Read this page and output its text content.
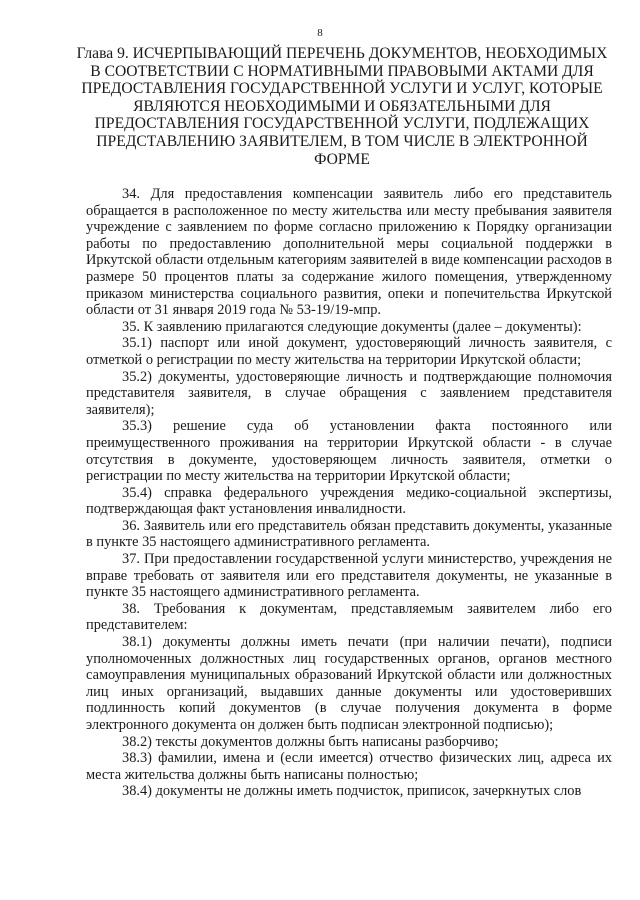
8
Глава 9. ИСЧЕРПЫВАЮЩИЙ ПЕРЕЧЕНЬ ДОКУМЕНТОВ, НЕОБХОДИМЫХ В СООТВЕТСТВИИ С НОРМАТИВНЫМИ ПРАВОВЫМИ АКТАМИ ДЛЯ ПРЕДОСТАВЛЕНИЯ ГОСУДАРСТВЕННОЙ УСЛУГИ И УСЛУГ, КОТОРЫЕ ЯВЛЯЮТСЯ НЕОБХОДИМЫМИ И ОБЯЗАТЕЛЬНЫМИ ДЛЯ ПРЕДОСТАВЛЕНИЯ ГОСУДАРСТВЕННОЙ УСЛУГИ, ПОДЛЕЖАЩИХ ПРЕДСТАВЛЕНИЮ ЗАЯВИТЕЛЕМ, В ТОМ ЧИСЛЕ В ЭЛЕКТРОННОЙ ФОРМЕ

34. Для предоставления компенсации заявитель либо его представитель обращается в расположенное по месту жительства или месту пребывания заявителя учреждение с заявлением по форме согласно приложению к Порядку организации работы по предоставлению дополнительной меры социальной поддержки в Иркутской области отдельным категориям заявителей в виде компенсации расходов в размере 50 процентов платы за содержание жилого помещения, утвержденному приказом министерства социального развития, опеки и попечительства Иркутской области от 31 января 2019 года № 53-19/19-мпр.

35. К заявлению прилагаются следующие документы (далее – документы):

35.1) паспорт или иной документ, удостоверяющий личность заявителя, с отметкой о регистрации по месту жительства на территории Иркутской области;

35.2) документы, удостоверяющие личность и подтверждающие полномочия представителя заявителя, в случае обращения с заявлением представителя заявителя);

35.3) решение суда об установлении факта постоянного или преимущественного проживания на территории Иркутской области - в случае отсутствия в документе, удостоверяющем личность заявителя, отметки о регистрации по месту жительства на территории Иркутской области;

35.4) справка федерального учреждения медико-социальной экспертизы, подтверждающая факт установления инвалидности.

36. Заявитель или его представитель обязан представить документы, указанные в пункте 35 настоящего административного регламента.

37. При предоставлении государственной услуги министерство, учреждения не вправе требовать от заявителя или его представителя документы, не указанные в пункте 35 настоящего административного регламента.

38. Требования к документам, представляемым заявителем либо его представителем:

38.1) документы должны иметь печати (при наличии печати), подписи уполномоченных должностных лиц государственных органов, органов местного самоуправления муниципальных образований Иркутской области или должностных лиц иных организаций, выдавших данные документы или удостоверивших подлинность копий документов (в случае получения документа в форме электронного документа он должен быть подписан электронной подписью);

38.2) тексты документов должны быть написаны разборчиво;

38.3) фамилии, имена и (если имеется) отчество физических лиц, адреса их места жительства должны быть написаны полностью;

38.4) документы не должны иметь подчисток, приписок, зачеркнутых слов
